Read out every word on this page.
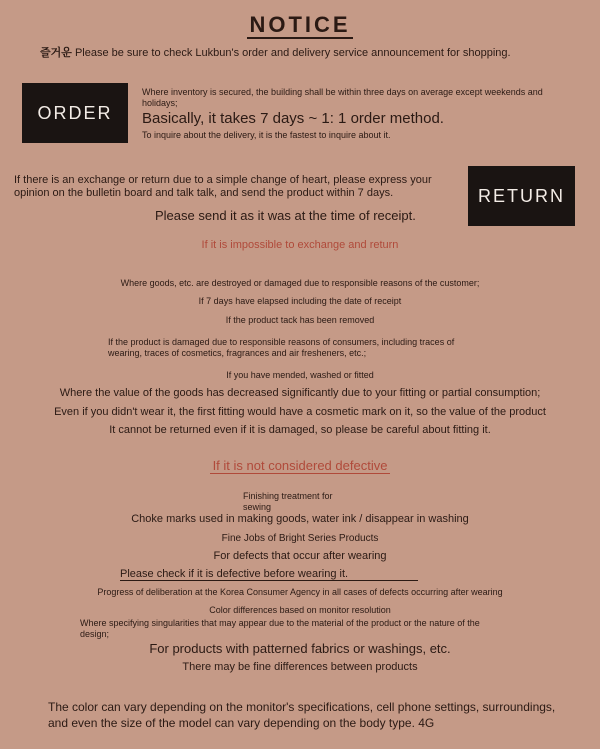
NOTICE
즐거운 Please be sure to check Lukbun's order and delivery service announcement for shopping.
ORDER
Where inventory is secured, the building shall be within three days on average except weekends and holidays;
Basically, it takes 7 days ~ 1: 1 order method.
To inquire about the delivery, it is the fastest to inquire about it.
If there is an exchange or return due to a simple change of heart, please express your opinion on the bulletin board and talk talk, and send the product within 7 days.	RETURN
Please send it as it was at the time of receipt.
If it is impossible to exchange and return
Where goods, etc. are destroyed or damaged due to responsible reasons of the customer;
If 7 days have elapsed including the date of receipt
If the product tack has been removed
If the product is damaged due to responsible reasons of consumers, including traces of wearing, traces of cosmetics, fragrances and air fresheners, etc.;
If you have mended, washed or fitted
Where the value of the goods has decreased significantly due to your fitting or partial consumption;
Even if you didn't wear it, the first fitting would have a cosmetic mark on it, so the value of the product
It cannot be returned even if it is damaged, so please be careful about fitting it.
If it is not considered defective
Finishing treatment for sewing
Choke marks used in making goods, water ink / disappear in washing
Fine Jobs of Bright Series Products
For defects that occur after wearing
Please check if it is defective before wearing it.
Progress of deliberation at the Korea Consumer Agency in all cases of defects occurring after wearing
Color differences based on monitor resolution
Where specifying singularities that may appear due to the material of the product or the nature of the design;
For products with patterned fabrics or washings, etc.
There may be fine differences between products
The color can vary depending on the monitor's specifications, cell phone settings, surroundings, and even the size of the model can vary depending on the body type. 4G
